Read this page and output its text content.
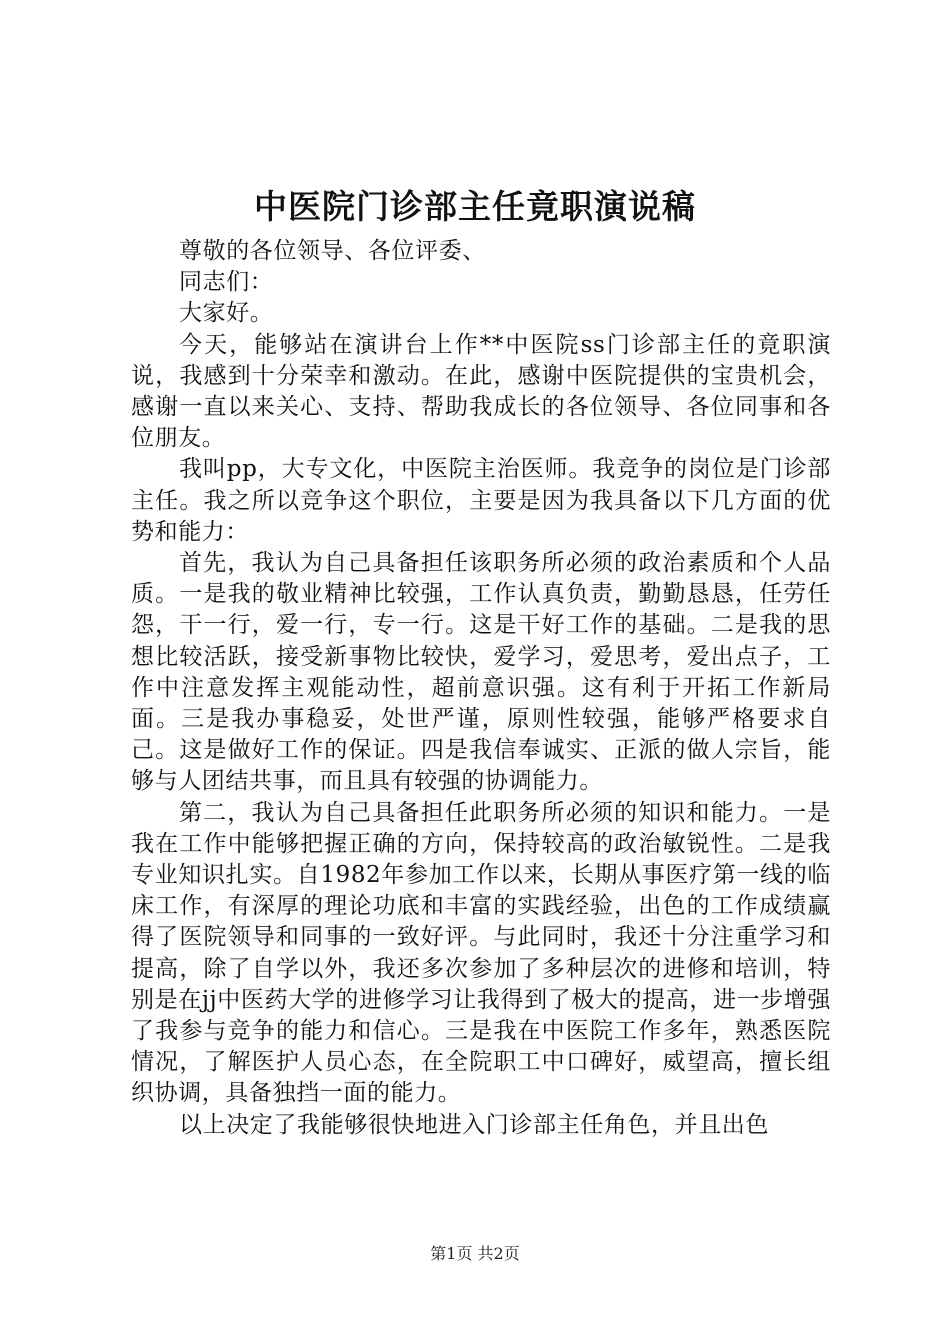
中医院门诊部主任竟职演说稿

尊敬的各位领导、各位评委、

同志们：

大家好。

今天，能够站在演讲台上作**中医院ss门诊部主任的竟职演说，我感到十分荣幸和激动。在此，感谢中医院提供的宝贵机会，感谢一直以来关心、支持、帮助我成长的各位领导、各位同事和各位朋友。

我叫pp，大专文化，中医院主治医师。我竞争的岗位是门诊部主任。我之所以竞争这个职位，主要是因为我具备以下几方面的优势和能力：

首先，我认为自己具备担任该职务所必须的政治素质和个人品质。一是我的敬业精神比较强，工作认真负责，勤勤恳恳，任劳任怨，干一行，爱一行，专一行。这是干好工作的基础。二是我的思想比较活跃，接受新事物比较快，爱学习，爱思考，爱出点子，工作中注意发挥主观能动性，超前意识强。这有利于开拓工作新局面。三是我办事稳妥，处世严谨，原则性较强，能够严格要求自己。这是做好工作的保证。四是我信奉诚实、正派的做人宗旨，能够与人团结共事，而且具有较强的协调能力。

第二，我认为自己具备担任此职务所必须的知识和能力。一是我在工作中能够把握正确的方向，保持较高的政治敏锐性。二是我专业知识扎实。自1982年参加工作以来，长期从事医疗第一线的临床工作，有深厚的理论功底和丰富的实践经验，出色的工作成绩赢得了医院领导和同事的一致好评。与此同时，我还十分注重学习和提高，除了自学以外，我还多次参加了多种层次的进修和培训，特别是在jj中医药大学的进修学习让我得到了极大的提高，进一步增强了我参与竞争的能力和信心。三是我在中医院工作多年，熟悉医院情况，了解医护人员心态，在全院职工中口碑好，威望高，擅长组织协调，具备独挡一面的能力。

以上决定了我能够很快地进入门诊部主任角色，并且出色

第1页 共2页
